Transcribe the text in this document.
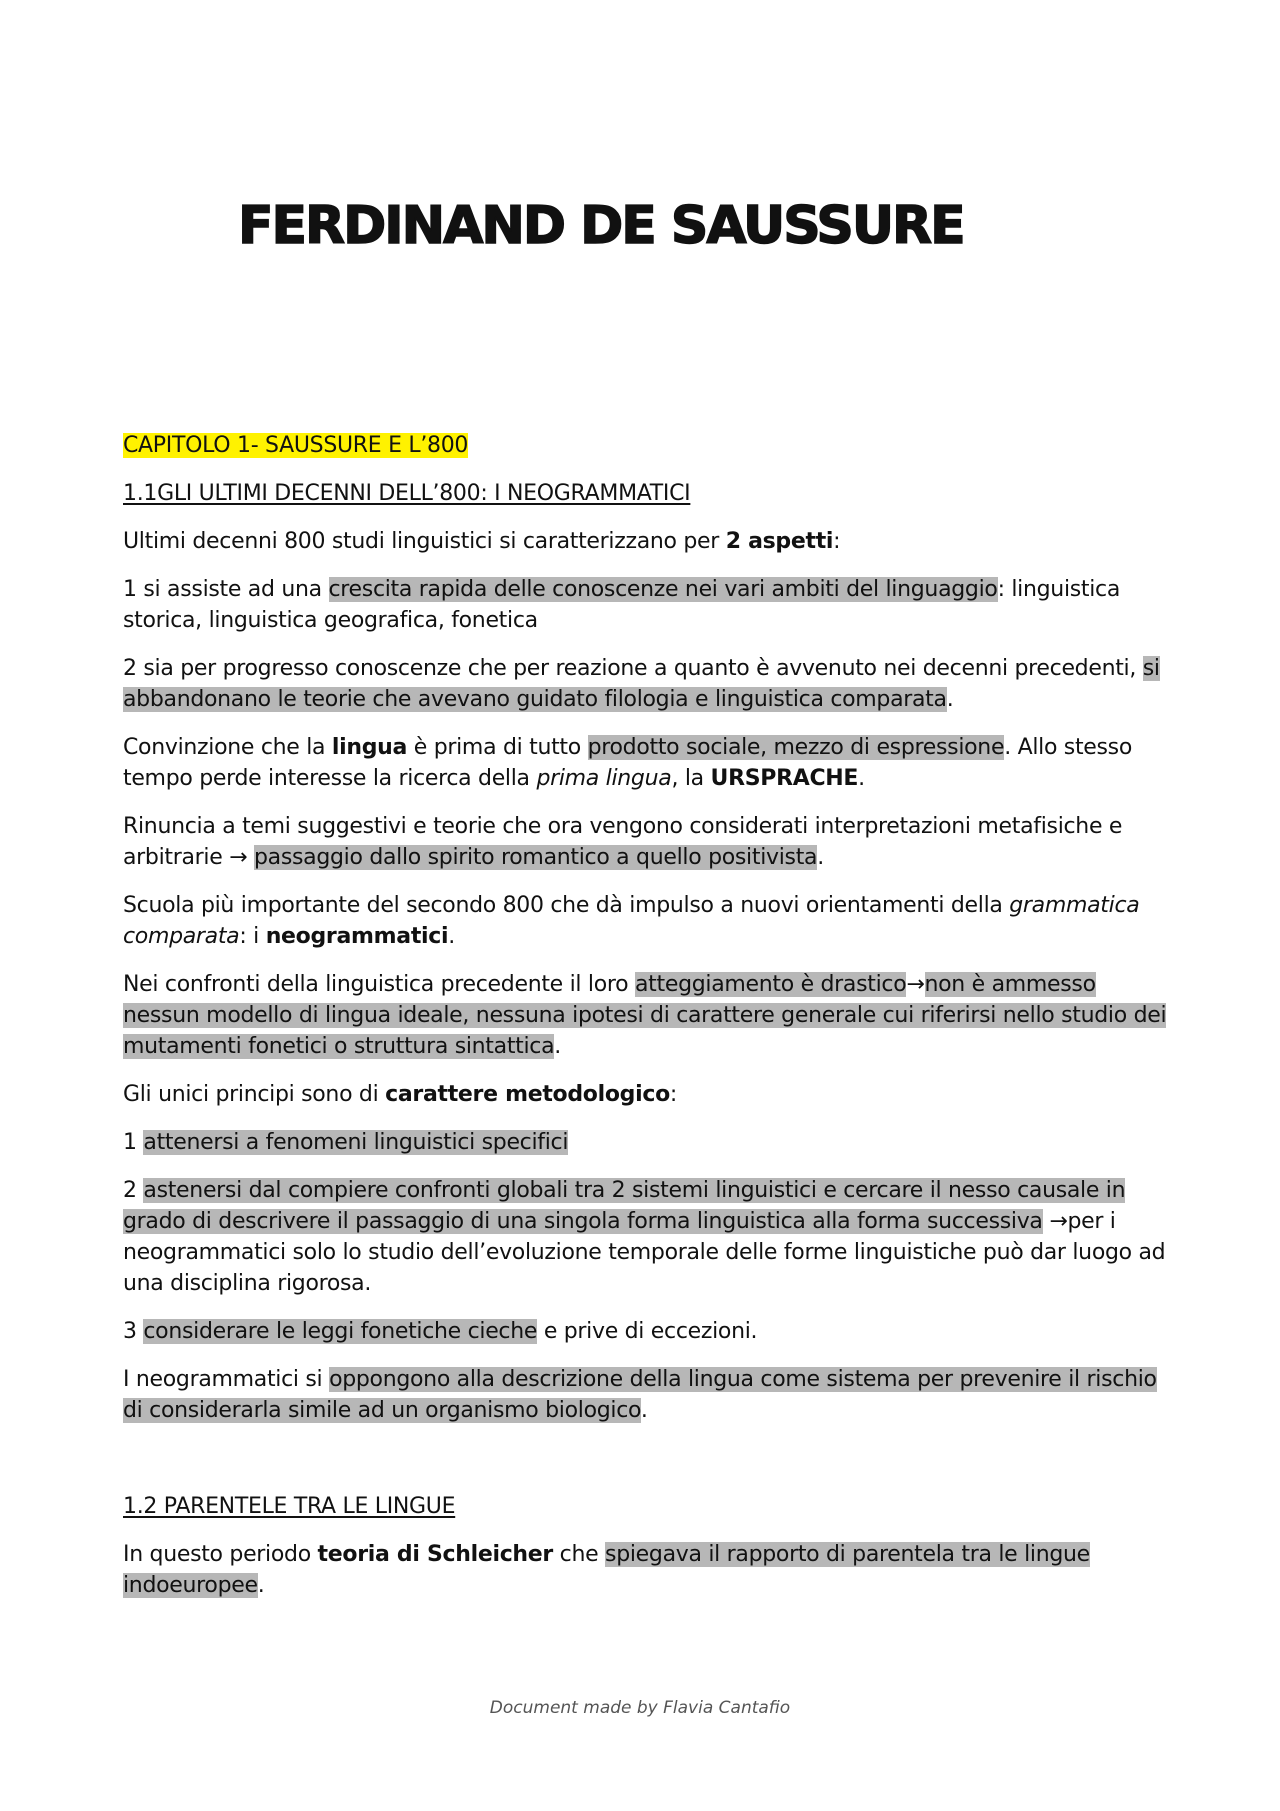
FERDINAND DE SAUSSURE

CAPITOLO 1- SAUSSURE E L’800

1.1GLI ULTIMI DECENNI DELL’800: I NEOGRAMMATICI

Ultimi decenni 800 studi linguistici si caratterizzano per 2 aspetti:

1 si assiste ad una crescita rapida delle conoscenze nei vari ambiti del linguaggio: linguistica storica, linguistica geografica, fonetica

2 sia per progresso conoscenze che per reazione a quanto è avvenuto nei decenni precedenti, si abbandonano le teorie che avevano guidato filologia e linguistica comparata.

Convinzione che la lingua è prima di tutto prodotto sociale, mezzo di espressione. Allo stesso tempo perde interesse la ricerca della prima lingua, la URSPRACHE.

Rinuncia a temi suggestivi e teorie che ora vengono considerati interpretazioni metafisiche e arbitrarie → passaggio dallo spirito romantico a quello positivista.

Scuola più importante del secondo 800 che dà impulso a nuovi orientamenti della grammatica comparata: i neogrammatici.

Nei confronti della linguistica precedente il loro atteggiamento è drastico→non è ammesso nessun modello di lingua ideale, nessuna ipotesi di carattere generale cui riferirsi nello studio dei mutamenti fonetici o struttura sintattica.

Gli unici principi sono di carattere metodologico:

1 attenersi a fenomeni linguistici specifici

2 astenersi dal compiere confronti globali tra 2 sistemi linguistici e cercare il nesso causale in grado di descrivere il passaggio di una singola forma linguistica alla forma successiva →per i neogrammatici solo lo studio dell’evoluzione temporale delle forme linguistiche può dar luogo ad una disciplina rigorosa.

3 considerare le leggi fonetiche cieche e prive di eccezioni.

I neogrammatici si oppongono alla descrizione della lingua come sistema per prevenire il rischio di considerarla simile ad un organismo biologico.

1.2 PARENTELE TRA LE LINGUE

In questo periodo teoria di Schleicher che spiegava il rapporto di parentela tra le lingue indoeuropee.

Document made by Flavia Cantafio
